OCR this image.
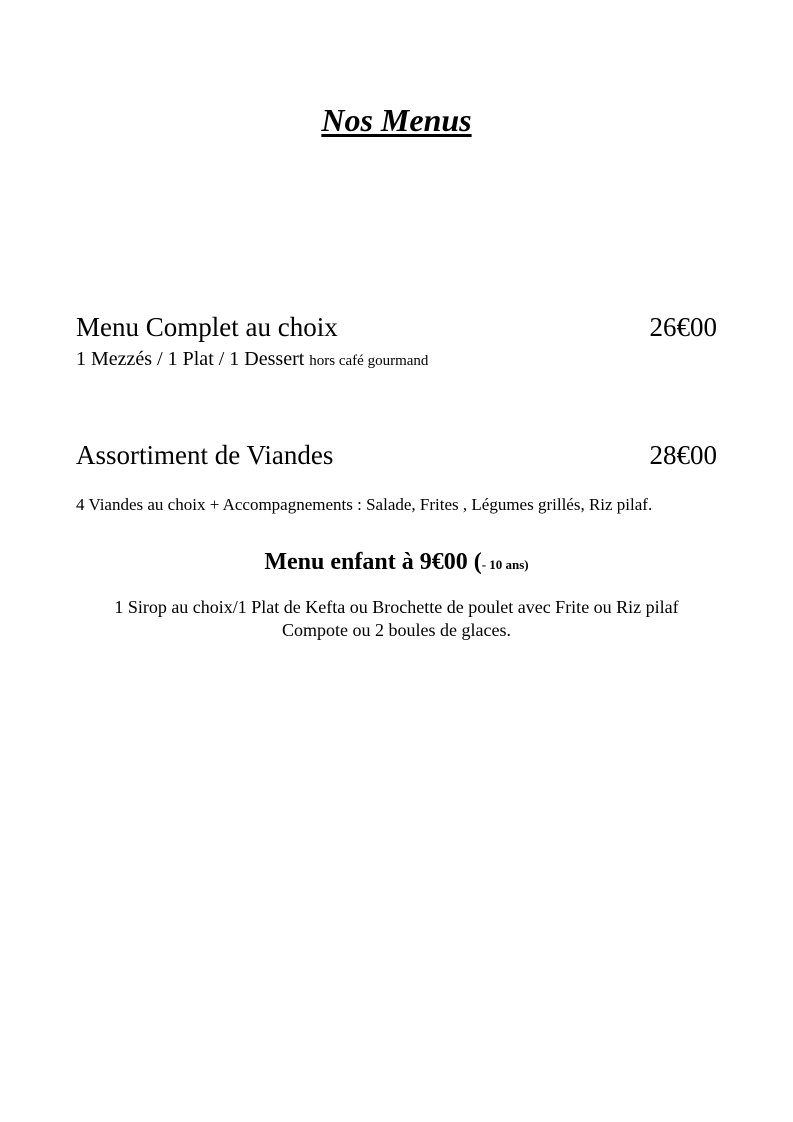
Nos Menus
Menu Complet au choix	26€00
1 Mezzés / 1 Plat / 1 Dessert hors café gourmand
Assortiment de Viandes	28€00
4 Viandes au choix + Accompagnements : Salade, Frites , Légumes grillés, Riz pilaf.
Menu enfant à 9€00 (- 10 ans)
1 Sirop au choix/1 Plat de Kefta ou Brochette de poulet avec Frite ou Riz pilaf
Compote ou 2 boules de glaces.
